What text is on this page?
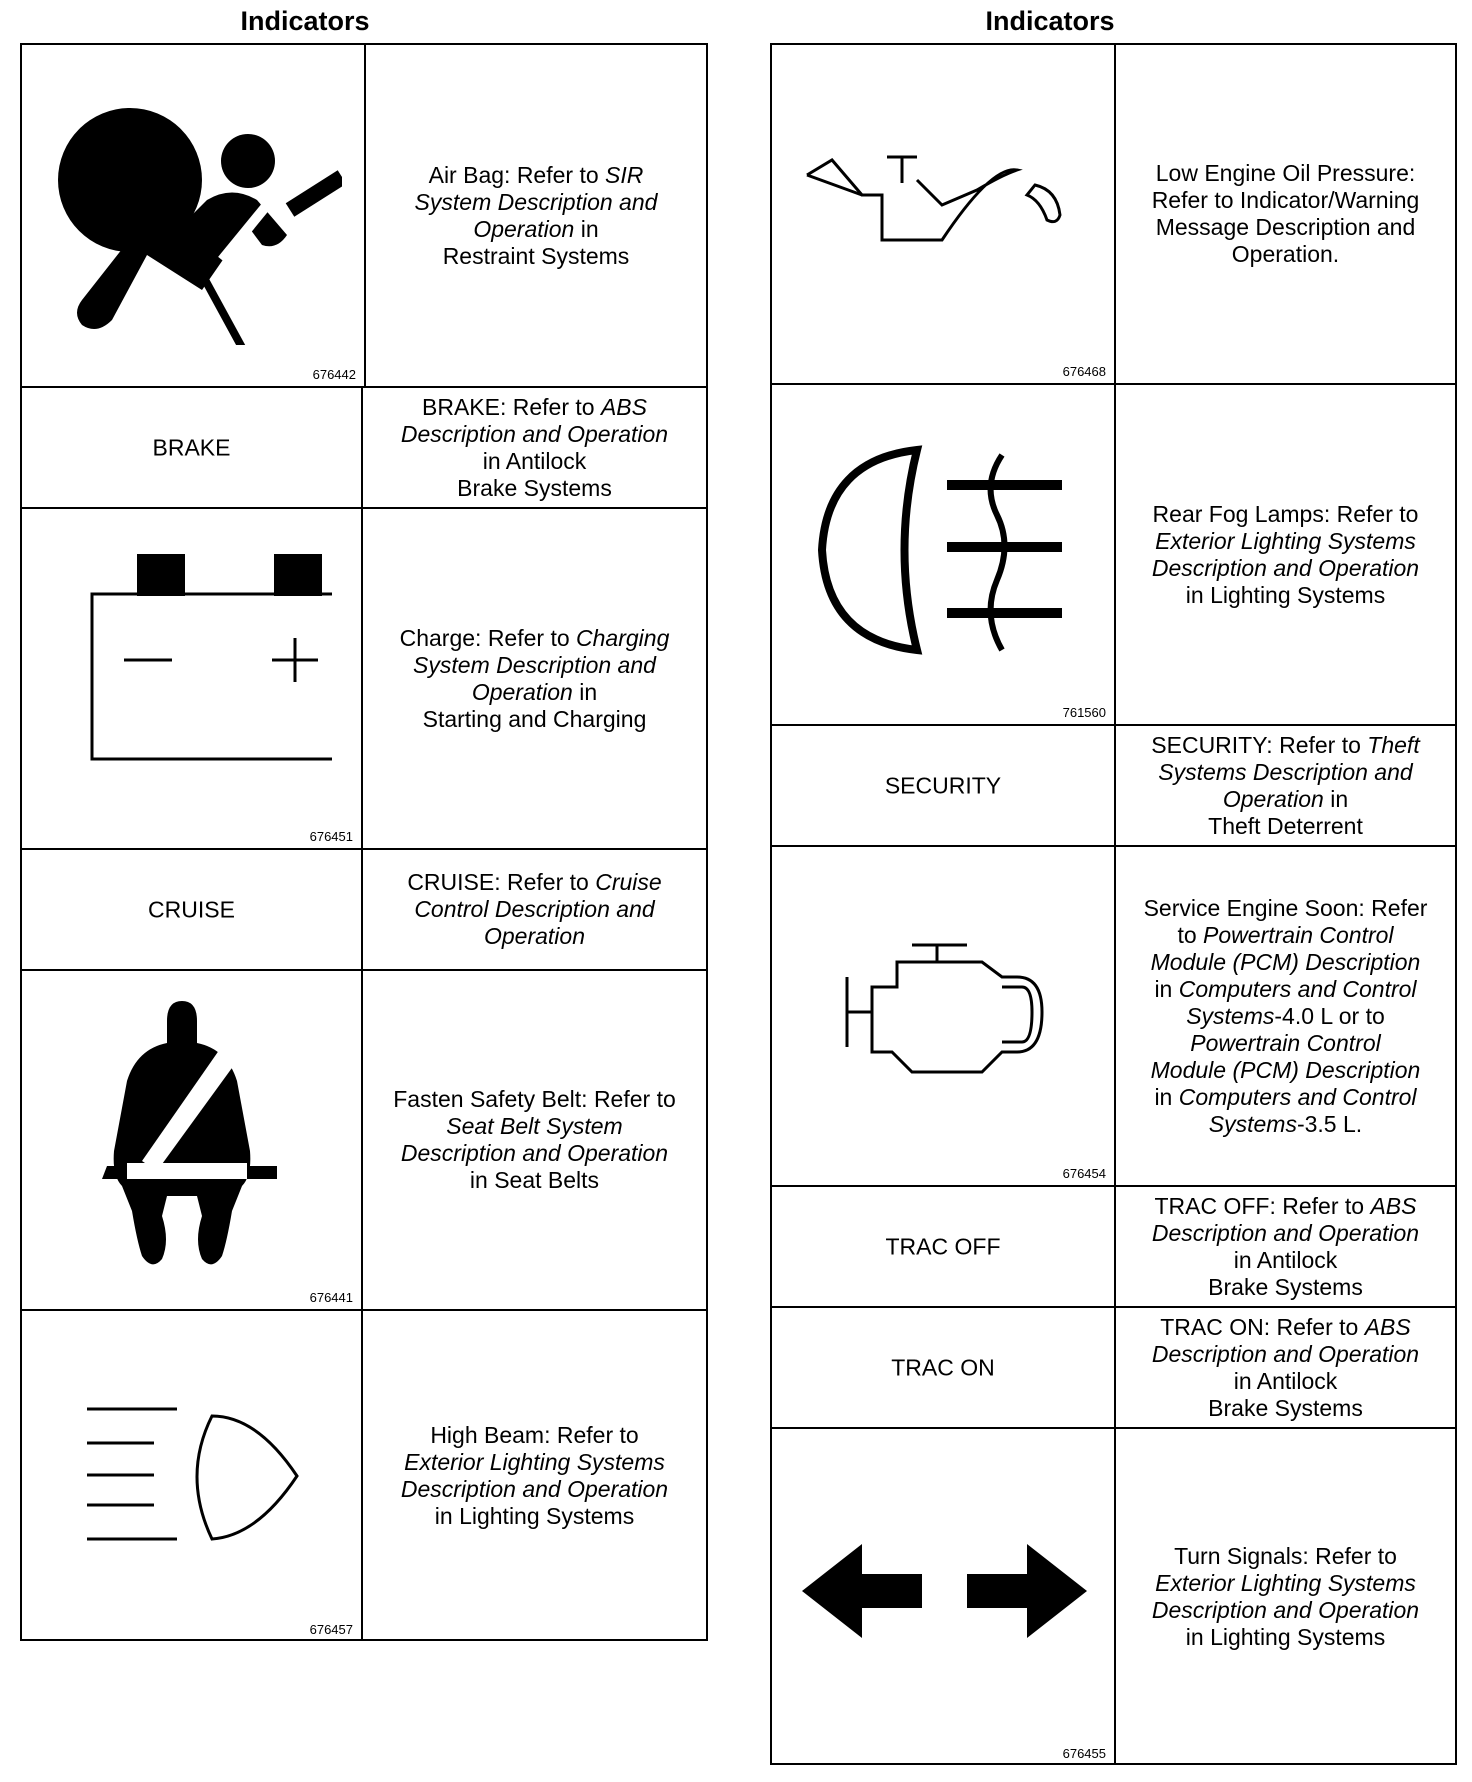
Indicators
676442
Air Bag: Refer to SIR
System Description and
Operation in
Restraint Systems
BRAKE
BRAKE: Refer to ABS
Description and Operation
in Antilock
Brake Systems
676451
Charge: Refer to Charging
System Description and
Operation in
Starting and Charging
CRUISE
CRUISE: Refer to Cruise
Control Description and
Operation
676441
Fasten Safety Belt: Refer to
Seat Belt System
Description and Operation
in Seat Belts
676457
High Beam: Refer to
Exterior Lighting Systems
Description and Operation
in Lighting Systems
Indicators
676468
Low Engine Oil Pressure:
Refer to Indicator/Warning
Message Description and
Operation.
761560
Rear Fog Lamps: Refer to
Exterior Lighting Systems
Description and Operation
in Lighting Systems
SECURITY
SECURITY: Refer to Theft
Systems Description and
Operation in
Theft Deterrent
676454
Service Engine Soon: Refer
to Powertrain Control
Module (PCM) Description
in Computers and Control
Systems-4.0 L or to
Powertrain Control
Module (PCM) Description
in Computers and Control
Systems-3.5 L.
TRAC OFF
TRAC OFF: Refer to ABS
Description and Operation
in Antilock
Brake Systems
TRAC ON
TRAC ON: Refer to ABS
Description and Operation
in Antilock
Brake Systems
676455
Turn Signals: Refer to
Exterior Lighting Systems
Description and Operation
in Lighting Systems
